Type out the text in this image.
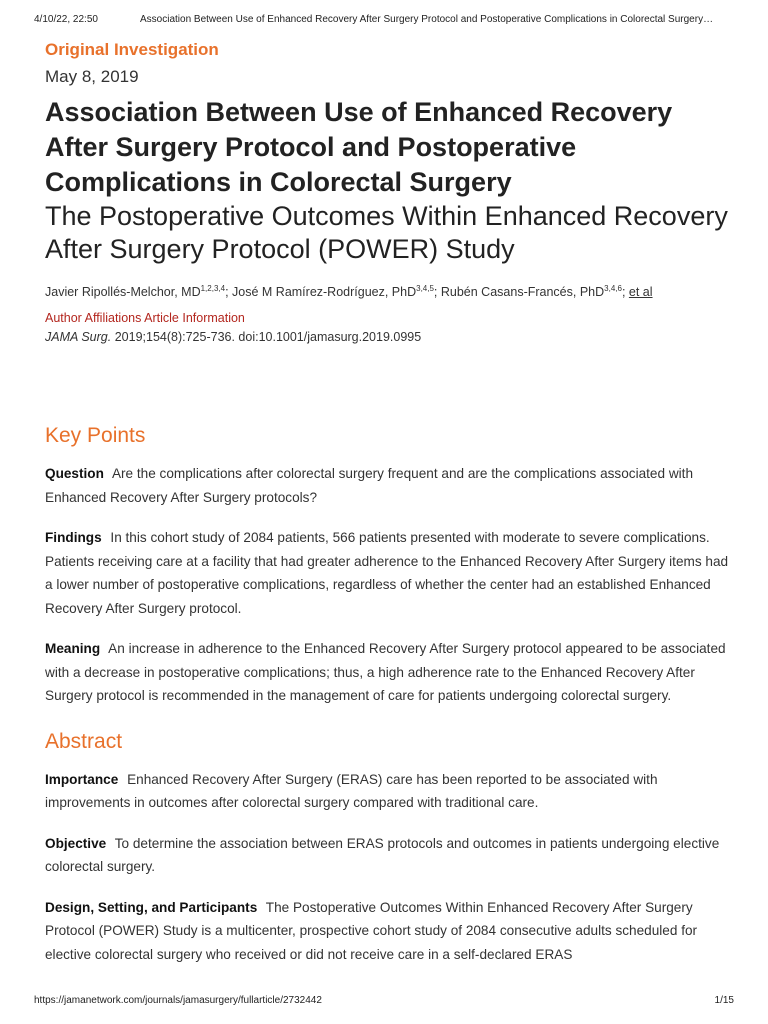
4/10/22, 22:50	Association Between Use of Enhanced Recovery After Surgery Protocol and Postoperative Complications in Colorectal Surgery…

Original Investigation

May 8, 2019

Association Between Use of Enhanced Recovery After Surgery Protocol and Postoperative Complications in Colorectal Surgery

The Postoperative Outcomes Within Enhanced Recovery After Surgery Protocol (POWER) Study

Javier Ripollés-Melchor, MD$^{1,2,3,4}$; José M Ramírez-Rodríguez, PhD$^{3,4,5}$; Rubén Casans-Francés, PhD$^{3,4,6}$; et al

Author Affiliations Article Information

JAMA Surg. 2019;154(8):725-736. doi:10.1001/jamasurg.2019.0995

Key Points

Question Are the complications after colorectal surgery frequent and are the complications associated with Enhanced Recovery After Surgery protocols?

Findings In this cohort study of 2084 patients, 566 patients presented with moderate to severe complications. Patients receiving care at a facility that had greater adherence to the Enhanced Recovery After Surgery items had a lower number of postoperative complications, regardless of whether the center had an established Enhanced Recovery After Surgery protocol.

Meaning An increase in adherence to the Enhanced Recovery After Surgery protocol appeared to be associated with a decrease in postoperative complications; thus, a high adherence rate to the Enhanced Recovery After Surgery protocol is recommended in the management of care for patients undergoing colorectal surgery.

Abstract

Importance Enhanced Recovery After Surgery (ERAS) care has been reported to be associated with improvements in outcomes after colorectal surgery compared with traditional care.

Objective To determine the association between ERAS protocols and outcomes in patients undergoing elective colorectal surgery.

Design, Setting, and Participants The Postoperative Outcomes Within Enhanced Recovery After Surgery Protocol (POWER) Study is a multicenter, prospective cohort study of 2084 consecutive adults scheduled for elective colorectal surgery who received or did not receive care in a self-declared ERAS

https://jamanetwork.com/journals/jamasurgery/fullarticle/2732442	1/15
